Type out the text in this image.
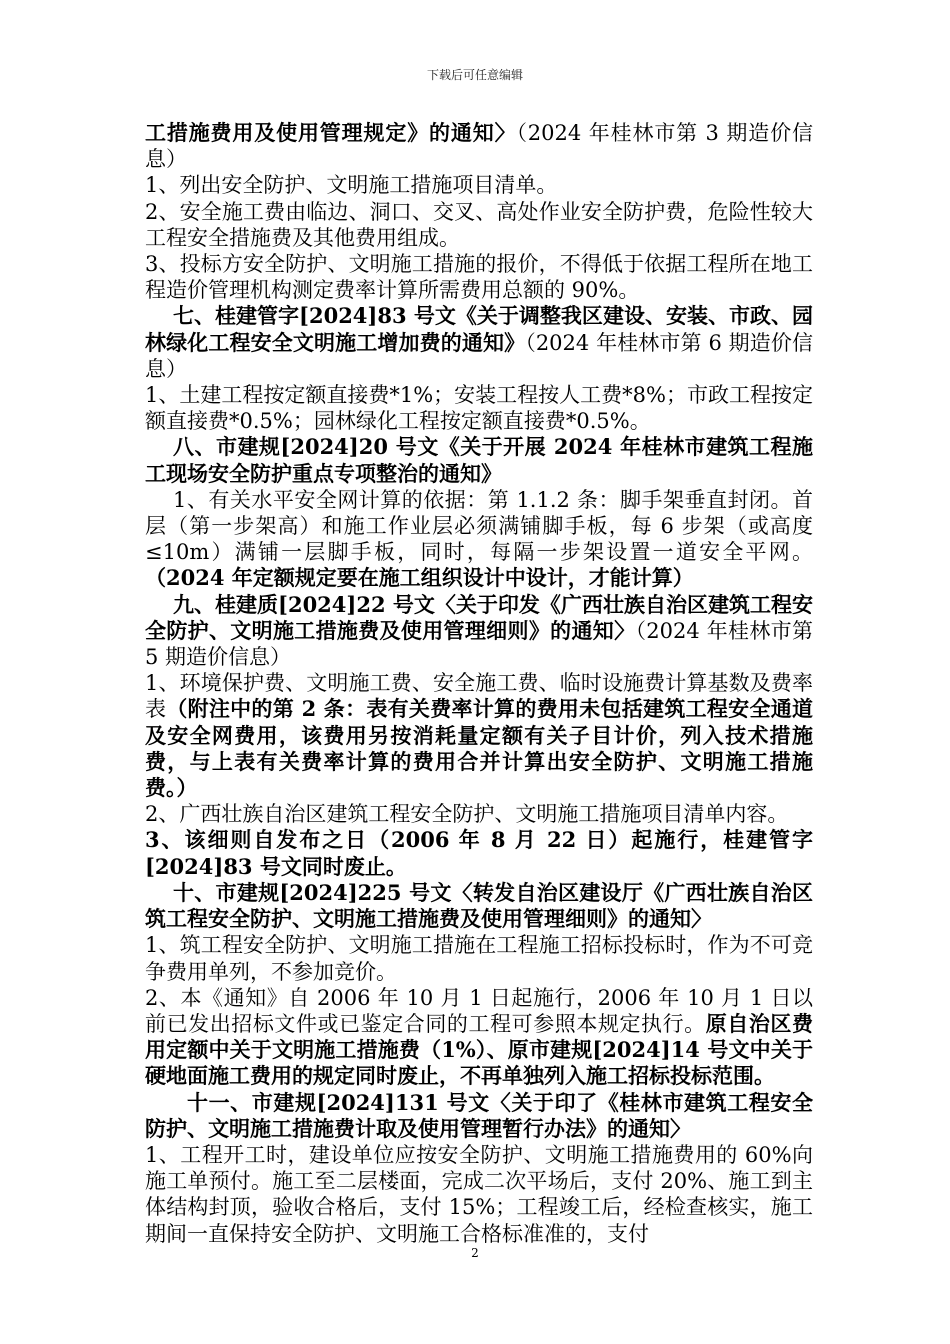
下载后可任意编辑

工措施费用及使用管理规定》的通知〉（2024 年桂林市第 3 期造价信息）

1、列出安全防护、文明施工措施项目清单。

2、安全施工费由临边、洞口、交叉、高处作业安全防护费，危险性较大工程安全措施费及其他费用组成。

3、投标方安全防护、文明施工措施的报价，不得低于依据工程所在地工程造价管理机构测定费率计算所需费用总额的 90%。

七、桂建管字[2024]83 号文《关于调整我区建设、安装、市政、园林绿化工程安全文明施工增加费的通知》（2024 年桂林市第 6 期造价信息）

1、土建工程按定额直接费*1%；安装工程按人工费*8%；市政工程按定额直接费*0.5%；园林绿化工程按定额直接费*0.5%。

八、市建规[2024]20 号文《关于开展 2024 年桂林市建筑工程施工现场安全防护重点专项整治的通知》

1、有关水平安全网计算的依据：第 1.1.2 条：脚手架垂直封闭。首层（第一步架高）和施工作业层必须满铺脚手板，每 6 步架（或高度≤10m）满铺一层脚手板，同时，每隔一步架设置一道安全平网。（2024 年定额规定要在施工组织设计中设计，才能计算）

九、桂建质[2024]22 号文〈关于印发《广西壮族自治区建筑工程安全防护、文明施工措施费及使用管理细则》的通知〉（2024 年桂林市第 5 期造价信息）

1、环境保护费、文明施工费、安全施工费、临时设施费计算基数及费率表（附注中的第 2 条：表有关费率计算的费用未包括建筑工程安全通道及安全网费用，该费用另按消耗量定额有关子目计价，列入技术措施费，与上表有关费率计算的费用合并计算出安全防护、文明施工措施费。）

2、广西壮族自治区建筑工程安全防护、文明施工措施项目清单内容。

3、该细则自发布之日（2006 年 8 月 22 日）起施行，桂建管字[2024]83 号文同时废止。

十、市建规[2024]225 号文〈转发自治区建设厅《广西壮族自治区筑工程安全防护、文明施工措施费及使用管理细则》的通知〉

1、筑工程安全防护、文明施工措施在工程施工招标投标时，作为不可竞争费用单列，不参加竞价。

2、本《通知》自 2006 年 10 月 1 日起施行，2006 年 10 月 1 日以前已发出招标文件或已鉴定合同的工程可参照本规定执行。原自治区费用定额中关于文明施工措施费（1%）、原市建规[2024]14 号文中关于硬地面施工费用的规定同时废止，不再单独列入施工招标投标范围。

十一、市建规[2024]131 号文〈关于印了《桂林市建筑工程安全防护、文明施工措施费计取及使用管理暂行办法》的通知〉

1、工程开工时，建设单位应按安全防护、文明施工措施费用的 60%向施工单预付。施工至二层楼面，完成二次平场后，支付 20%、施工到主体结构封顶，验收合格后，支付 15%；工程竣工后，经检查核实，施工期间一直保持安全防护、文明施工合格标准准的，支付

2
